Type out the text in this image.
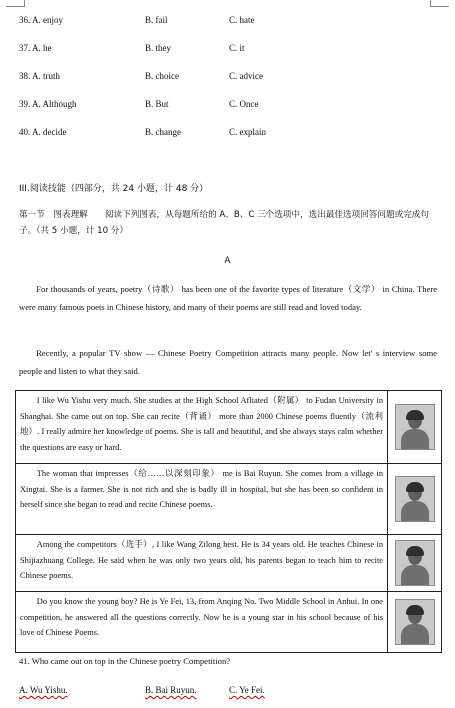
36. A. enjoy	B. fail	C. hate
37. A. he	B. they	C. it
38. A. truth	B. choice	C. advice
39. A. Although	B. But	C. Once
40. A. decide	B. change	C. explain
III.阅读技能（四部分，共 24 小题，计 48 分）
第一节　图表理解　　阅读下列图表，从每题所给的 A、B、C 三个选项中，选出最佳选项回答问题或完成句子。（共 5 小题，计 10 分）
A

For thousands of years, poetry（诗歌） has been one of the favorite types of literature（文学） in China. There were many famous poets in Chinese history, and many of their poems are still read and loved today.

Recently, a popular TV show — Chinese Poetry Competition attracts many people. Now let' s interview some people and listen to what they said.

I like Wu Yishu very much. She studies at the High School Afliated（附属） to Fudan University in Shanghai. She came out on top. She can recite（背诵） more than 2000 Chinese poems fluently（流利地）. I really admire her knowledge of poems. She is tall and beautiful, and she always stays calm whether the questions are easy or hard.	

The woman that impresses（给……以深刻印象） me is Bai Ruyun. She comes from a village in Xingtai. She is a farmer. She is not rich and she is badly ill in hospital, but she has been so confident in herself since she began to read and recite Chinese poems.	

Among the competitors（选手）, I like Wang Zilong best. He is 34 years old. He teaches Chinese in Shijiazhuang College. He said when he was only two years old, his parents began to teach him to recite Chinese poems.	

Do you know the young boy? He is Ye Fei, 13, from Anqing No. Two Middle School in Anhui. In one competition, he answered all the questions correctly. Now he is a young star in his school because of his love of Chinese Poems.	

41. Who came out on top in the Chinese poetry Competition?
A. Wu Yishu.	B. Bai Ruyun.	C. Ye Fei.
